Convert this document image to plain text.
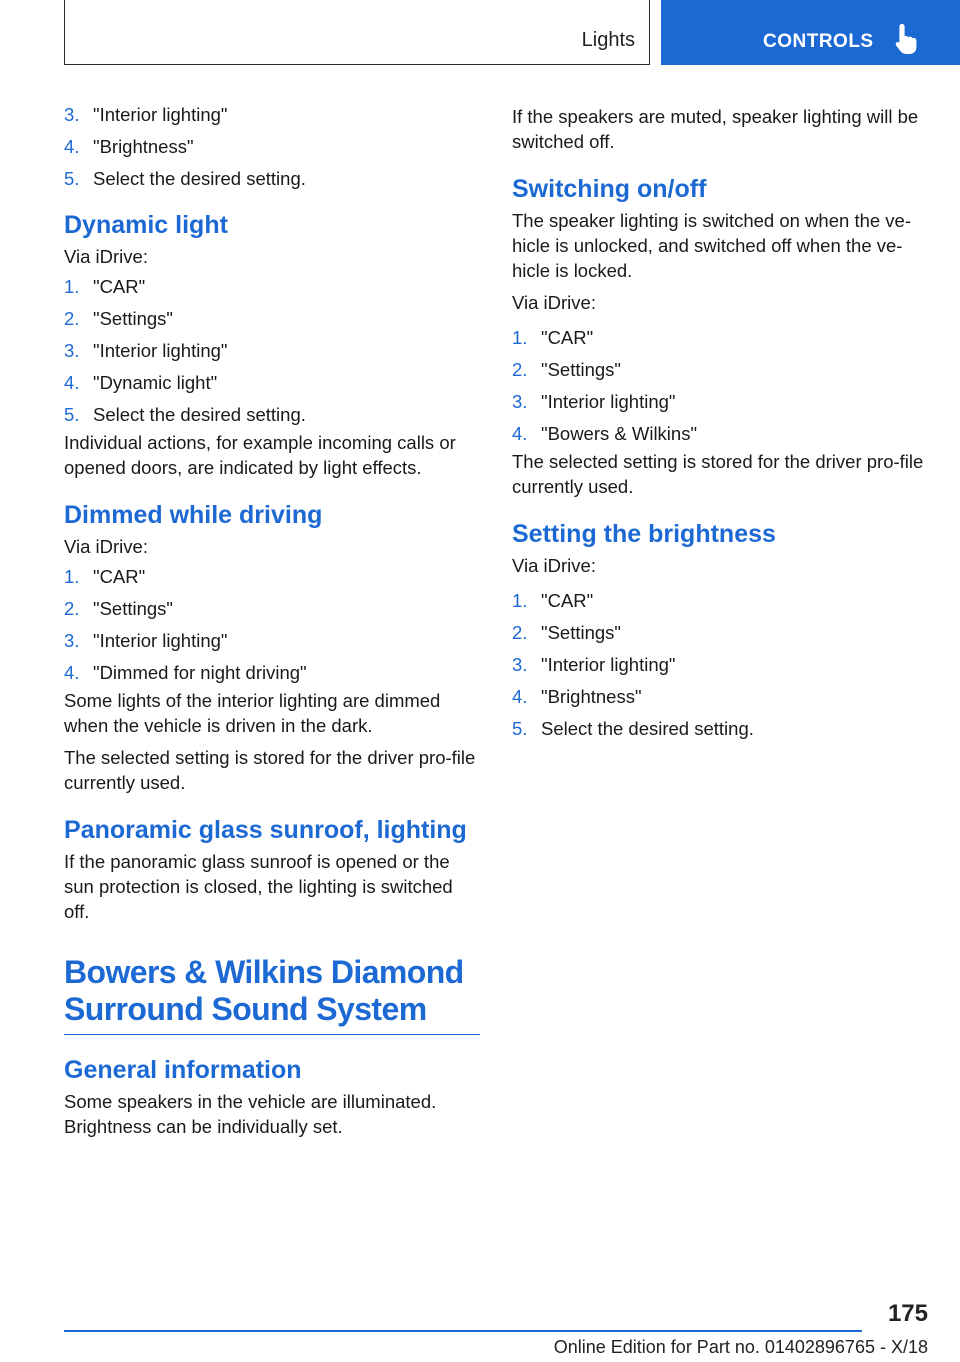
Lights	CONTROLS
3. "Interior lighting"
4. "Brightness"
5. Select the desired setting.
Dynamic light

Via iDrive:

1. "CAR"
2. "Settings"
3. "Interior lighting"
4. "Dynamic light"
5. Select the desired setting.

Individual actions, for example incoming calls or opened doors, are indicated by light effects.

Dimmed while driving

Via iDrive:

1. "CAR"
2. "Settings"
3. "Interior lighting"
4. "Dimmed for night driving"

Some lights of the interior lighting are dimmed when the vehicle is driven in the dark.

The selected setting is stored for the driver pro‐file currently used.

Panoramic glass sunroof, lighting

If the panoramic glass sunroof is opened or the sun protection is closed, the lighting is switched off.

Bowers & Wilkins Diamond Surround Sound System
General information

Some speakers in the vehicle are illuminated. Brightness can be individually set.

If the speakers are muted, speaker lighting will be switched off.

Switching on/off

The speaker lighting is switched on when the ve‐hicle is unlocked, and switched off when the ve‐hicle is locked.

Via iDrive:

1. "CAR"
2. "Settings"
3. "Interior lighting"
4. "Bowers & Wilkins"

The selected setting is stored for the driver pro‐file currently used.

Setting the brightness

Via iDrive:

1. "CAR"
2. "Settings"
3. "Interior lighting"
4. "Brightness"
5. Select the desired setting.
175
Online Edition for Part no. 01402896765 - X/18
